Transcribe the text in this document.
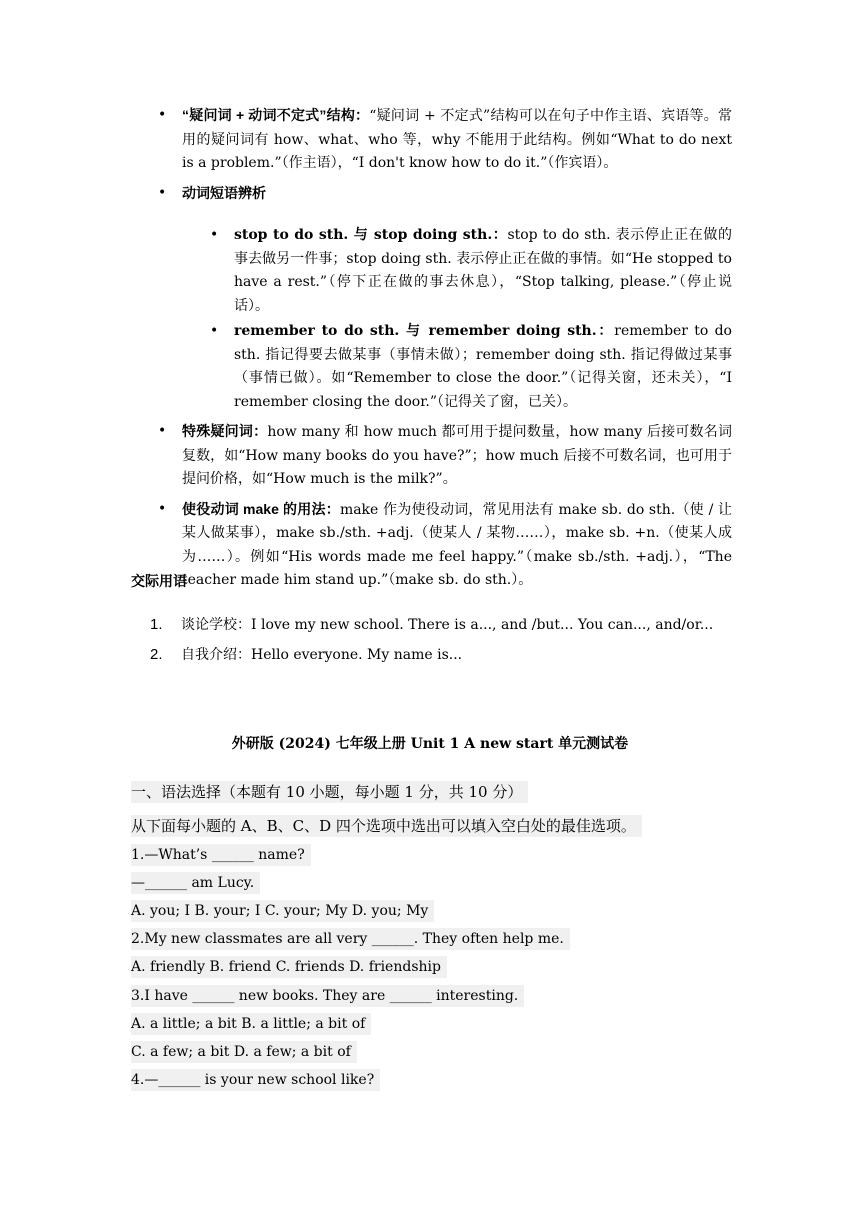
• “疑问词 + 动词不定式”结构：“疑问词 + 不定式”结构可以在句子中作主语、宾语等。常用的疑问词有 how、what、who 等，why 不能用于此结构。例如“What to do next is a problem.”（作主语），“I don't know how to do it.”（作宾语）。
• 动词短语辨析
• stop to do sth. 与 stop doing sth.：stop to do sth. 表示停止正在做的事去做另一件事；stop doing sth. 表示停止正在做的事情。如“He stopped to have a rest.”（停下正在做的事去休息），“Stop talking, please.”（停止说话）。
• remember to do sth. 与 remember doing sth.：remember to do sth. 指记得要去做某事（事情未做）；remember doing sth. 指记得做过某事（事情已做）。如“Remember to close the door.”（记得关窗，还未关），“I remember closing the door.”（记得关了窗，已关）。
• 特殊疑问词：how many 和 how much 都可用于提问数量，how many 后接可数名词复数，如“How many books do you have?”；how much 后接不可数名词，也可用于提问价格，如“How much is the milk?”。
• 使役动词 make 的用法：make 作为使役动词，常见用法有 make sb. do sth.（使 / 让某人做某事），make sb./sth. +adj.（使某人 / 某物……），make sb. +n.（使某人成为……）。例如“His words made me feel happy.”（make sb./sth. +adj.），“The teacher made him stand up.”（make sb. do sth.）。
交际用语
1. 谈论学校：I love my new school. There is a..., and /but... You can..., and/or...
2. 自我介绍：Hello everyone. My name is...
外研版 (2024) 七年级上册 Unit 1 A new start 单元测试卷
一、语法选择（本题有 10 小题，每小题 1 分，共 10 分）
从下面每小题的 A、B、C、D 四个选项中选出可以填入空白处的最佳选项。
1.—What’s ______ name?
—______ am Lucy.
A. you; I B. your; I C. your; My D. you; My
2.My new classmates are all very ______. They often help me.
A. friendly B. friend C. friends D. friendship
3.I have ______ new books. They are ______ interesting.
A. a little; a bit B. a little; a bit of
C. a few; a bit D. a few; a bit of
4.—______ is your new school like?
